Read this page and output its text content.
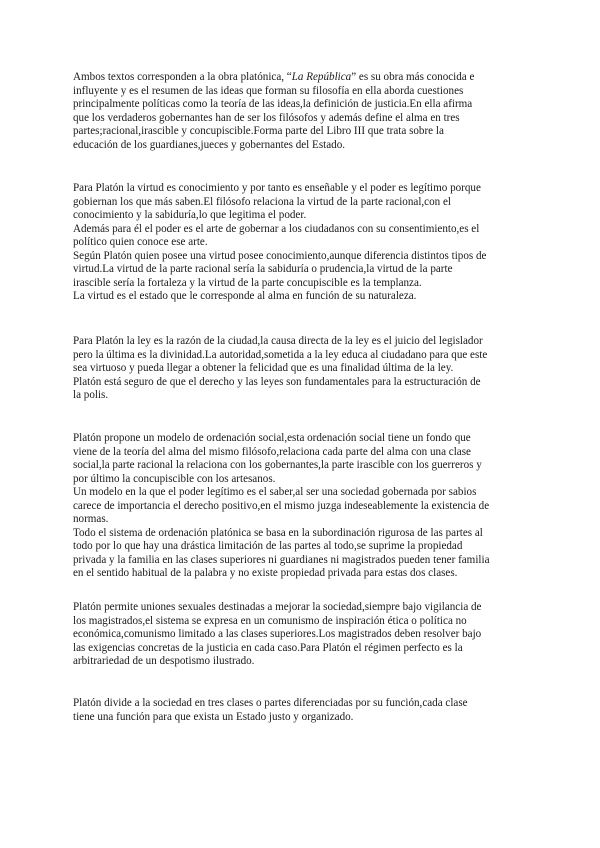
Ambos textos corresponden a la obra platónica, “La República” es su obra más conocida e
influyente y es el resumen de las ideas que forman su filosofía en ella aborda cuestiones
principalmente políticas como la teoría de las ideas,la definición de justicia.En ella afirma
que los verdaderos gobernantes han de ser los filósofos y además define el alma en tres
partes;racional,irascible y concupiscible.Forma parte del Libro III que trata sobre la
educación de los guardianes,jueces y gobernantes del Estado.

Para Platón la virtud es conocimiento y por tanto es enseñable y el poder es legítimo porque
gobiernan los que más saben.El filósofo relaciona la virtud de la parte racional,con el
conocimiento y la sabiduría,lo que legitima el poder.
Además para él el poder es el arte de gobernar a los ciudadanos con su consentimiento,es el
político quien conoce ese arte.
Según Platón quien posee una virtud posee conocimiento,aunque diferencia distintos tipos de
virtud.La virtud de la parte racional sería la sabiduría o prudencia,la virtud de la parte
irascible sería la fortaleza y la virtud de la parte concupiscible es la templanza.
La virtud es el estado que le corresponde al alma en función de su naturaleza.

Para Platón la ley es la razón de la ciudad,la causa directa de la ley es el juicio del legislador
pero la última es la divinidad.La autoridad,sometida a la ley educa al ciudadano para que este
sea virtuoso y pueda llegar a obtener la felicidad que es una finalidad última de la ley.
Platón está seguro de que el derecho y las leyes son fundamentales para la estructuración de
la polis.

Platón propone un modelo de ordenación social,esta ordenación social tiene un fondo que
viene de la teoría del alma del mismo filósofo,relaciona cada parte del alma con una clase
social,la parte racional la relaciona con los gobernantes,la parte irascible con los guerreros y
por último la concupiscible con los artesanos.
Un modelo en la que el poder legítimo es el saber,al ser una sociedad gobernada por sabios
carece de importancia el derecho positivo,en el mismo juzga indeseablemente la existencia de
normas.
Todo el sistema de ordenación platónica se basa en la subordinación rigurosa de las partes al
todo por lo que hay una drástica limitación de las partes al todo,se suprime la propiedad
privada y la familia en las clases superiores ni guardianes ni magistrados pueden tener familia
en el sentido habitual de la palabra y no existe propiedad privada para estas dos clases.

Platón permite uniones sexuales destinadas a mejorar la sociedad,siempre bajo vigilancia de
los magistrados,el sistema se expresa en un comunismo de inspiración ética o política no
económica,comunismo limitado a las clases superiores.Los magistrados deben resolver bajo
las exigencias concretas de la justicia en cada caso.Para Platón el régimen perfecto es la
arbitrariedad de un despotismo ilustrado.

Platón divide a la sociedad en tres clases o partes diferenciadas por su función,cada clase
tiene una función para que exista un Estado justo y organizado.
